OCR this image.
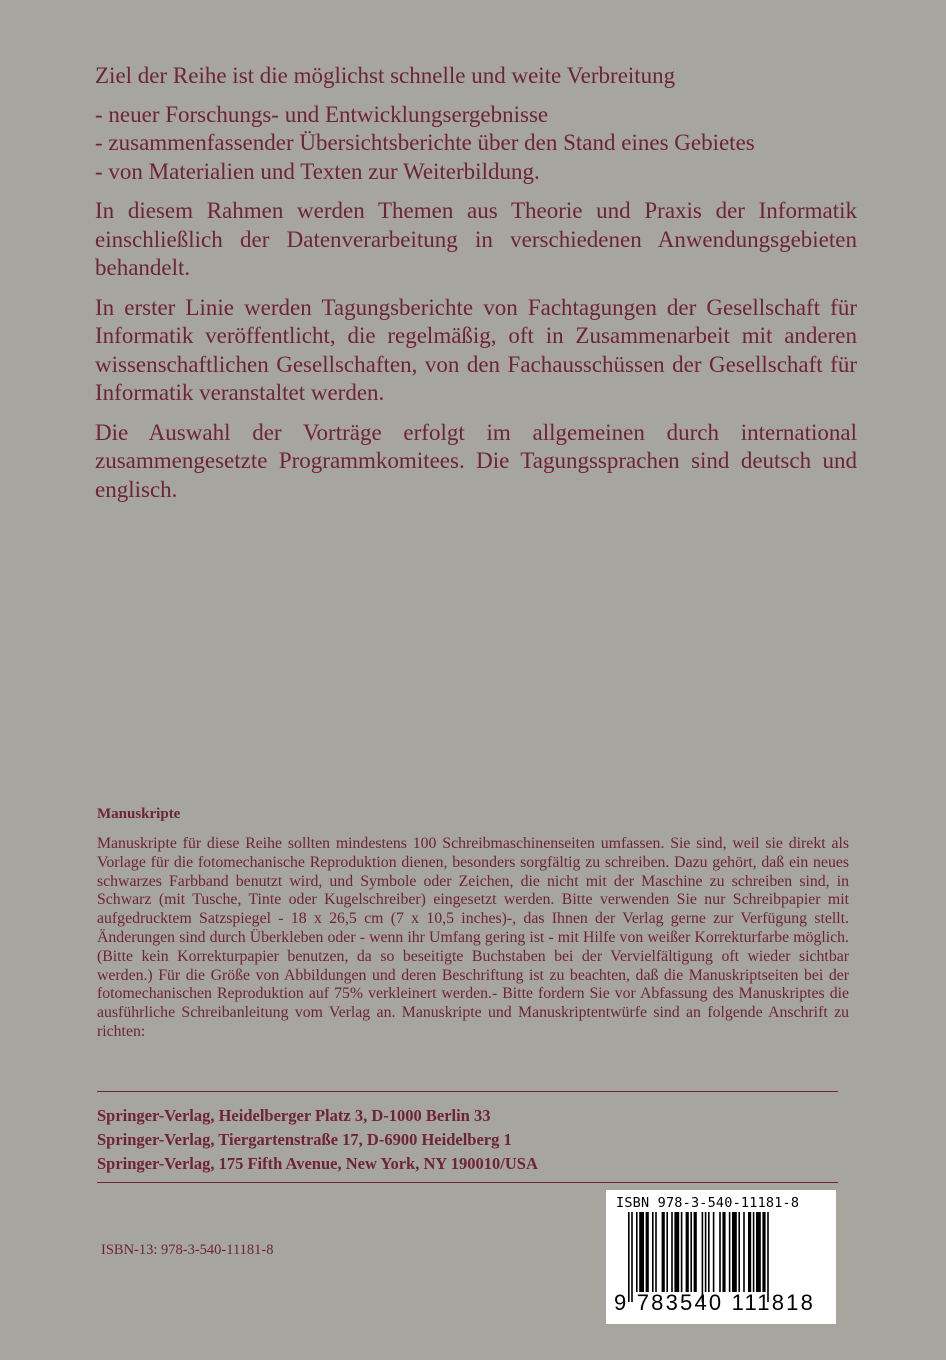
Ziel der Reihe ist die möglichst schnelle und weite Verbreitung

- neuer Forschungs- und Entwicklungsergebnisse
- zusammenfassender Übersichtsberichte über den Stand eines Gebietes
- von Materialien und Texten zur Weiterbildung.

In diesem Rahmen werden Themen aus Theorie und Praxis der Informatik einschließlich der Datenverarbeitung in verschiedenen Anwendungsgebieten behandelt.

In erster Linie werden Tagungsberichte von Fachtagungen der Gesellschaft für Informatik veröffentlicht, die regelmäßig, oft in Zusammenarbeit mit anderen wissenschaftlichen Gesellschaften, von den Fachausschüssen der Gesellschaft für Informatik veranstaltet werden.

Die Auswahl der Vorträge erfolgt im allgemeinen durch international zusammengesetzte Programmkomitees. Die Tagungssprachen sind deutsch und englisch.

Manuskripte

Manuskripte für diese Reihe sollten mindestens 100 Schreibmaschinenseiten umfassen. Sie sind, weil sie direkt als Vorlage für die fotomechanische Reproduktion dienen, besonders sorgfältig zu schreiben. Dazu gehört, daß ein neues schwarzes Farbband benutzt wird, und Symbole oder Zeichen, die nicht mit der Maschine zu schreiben sind, in Schwarz (mit Tusche, Tinte oder Kugelschreiber) eingesetzt werden. Bitte verwenden Sie nur Schreibpapier mit aufgedrucktem Satzspiegel - 18 x 26,5 cm (7 x 10,5 inches)-, das Ihnen der Verlag gerne zur Verfügung stellt. Änderungen sind durch Überkleben oder - wenn ihr Umfang gering ist - mit Hilfe von weißer Korrekturfarbe möglich. (Bitte kein Korrekturpapier benutzen, da so beseitigte Buchstaben bei der Vervielfältigung oft wieder sichtbar werden.) Für die Größe von Abbildungen und deren Beschriftung ist zu beachten, daß die Manuskriptseiten bei der fotomechanischen Reproduktion auf 75% verkleinert werden.- Bitte fordern Sie vor Abfassung des Manuskriptes die ausführliche Schreibanleitung vom Verlag an. Manuskripte und Manuskriptentwürfe sind an folgende Anschrift zu richten:

Springer-Verlag, Heidelberger Platz 3, D-1000 Berlin 33
Springer-Verlag, Tiergartenstraße 17, D-6900 Heidelberg 1
Springer-Verlag, 175 Fifth Avenue, New York, NY 190010/USA
ISBN-13: 978-3-540-11181-8
ISBN 978-3-540-11181-8
9 783540 111818
